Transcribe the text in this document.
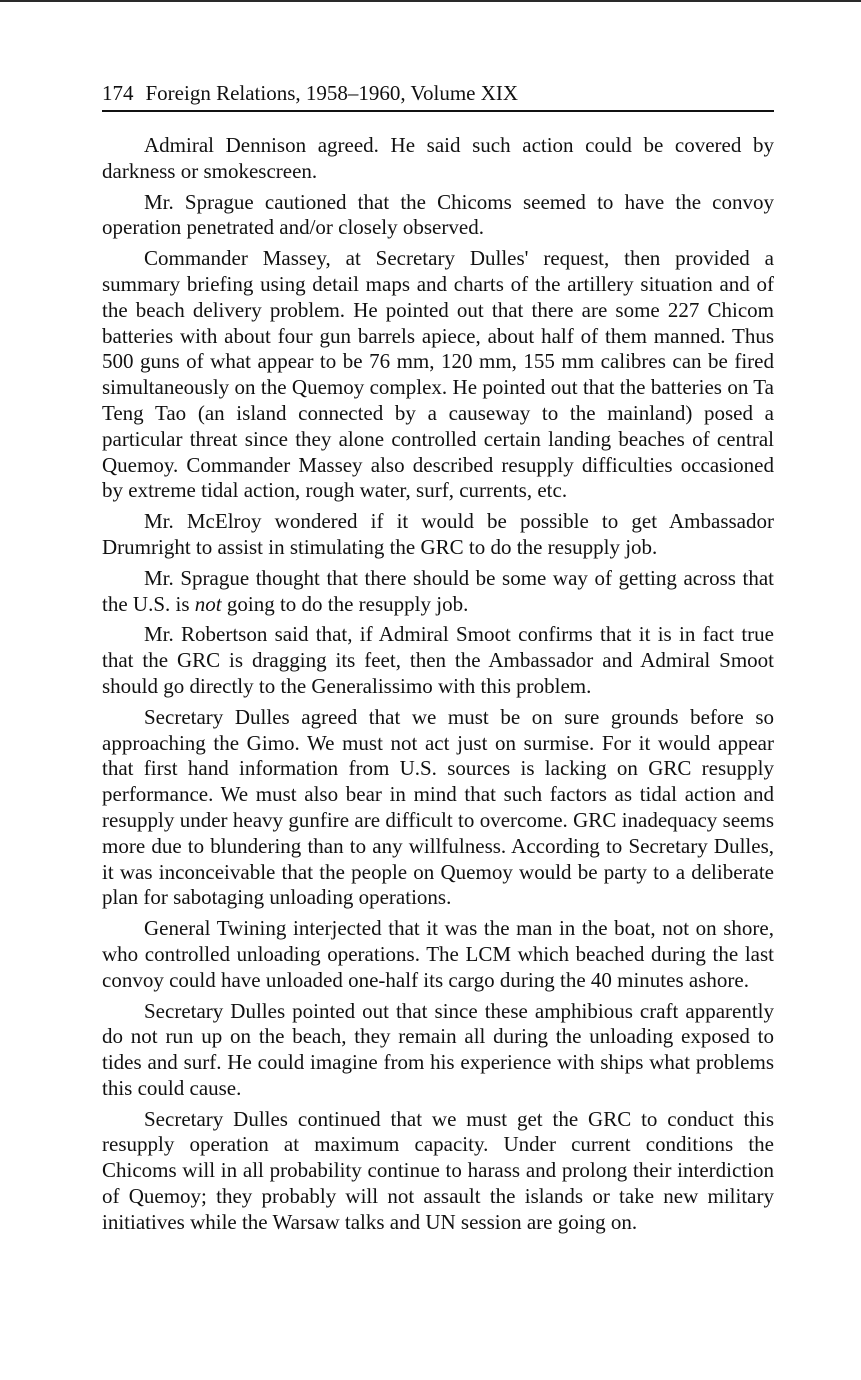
174 Foreign Relations, 1958–1960, Volume XIX

Admiral Dennison agreed. He said such action could be covered by darkness or smokescreen.

Mr. Sprague cautioned that the Chicoms seemed to have the convoy operation penetrated and/or closely observed.

Commander Massey, at Secretary Dulles' request, then provided a summary briefing using detail maps and charts of the artillery situation and of the beach delivery problem. He pointed out that there are some 227 Chicom batteries with about four gun barrels apiece, about half of them manned. Thus 500 guns of what appear to be 76 mm, 120 mm, 155 mm calibres can be fired simultaneously on the Quemoy complex. He pointed out that the batteries on Ta Teng Tao (an island connected by a causeway to the mainland) posed a particular threat since they alone controlled certain landing beaches of central Quemoy. Commander Massey also described resupply difficulties occasioned by extreme tidal action, rough water, surf, currents, etc.

Mr. McElroy wondered if it would be possible to get Ambassador Drumright to assist in stimulating the GRC to do the resupply job.

Mr. Sprague thought that there should be some way of getting across that the U.S. is not going to do the resupply job.

Mr. Robertson said that, if Admiral Smoot confirms that it is in fact true that the GRC is dragging its feet, then the Ambassador and Admiral Smoot should go directly to the Generalissimo with this problem.

Secretary Dulles agreed that we must be on sure grounds before so approaching the Gimo. We must not act just on surmise. For it would appear that first hand information from U.S. sources is lacking on GRC resupply performance. We must also bear in mind that such factors as tidal action and resupply under heavy gunfire are difficult to overcome. GRC inadequacy seems more due to blundering than to any willfulness. According to Secretary Dulles, it was inconceivable that the people on Quemoy would be party to a deliberate plan for sabotaging unloading operations.

General Twining interjected that it was the man in the boat, not on shore, who controlled unloading operations. The LCM which beached during the last convoy could have unloaded one-half its cargo during the 40 minutes ashore.

Secretary Dulles pointed out that since these amphibious craft apparently do not run up on the beach, they remain all during the unloading exposed to tides and surf. He could imagine from his experience with ships what problems this could cause.

Secretary Dulles continued that we must get the GRC to conduct this resupply operation at maximum capacity. Under current conditions the Chicoms will in all probability continue to harass and prolong their interdiction of Quemoy; they probably will not assault the islands or take new military initiatives while the Warsaw talks and UN session are going on.
